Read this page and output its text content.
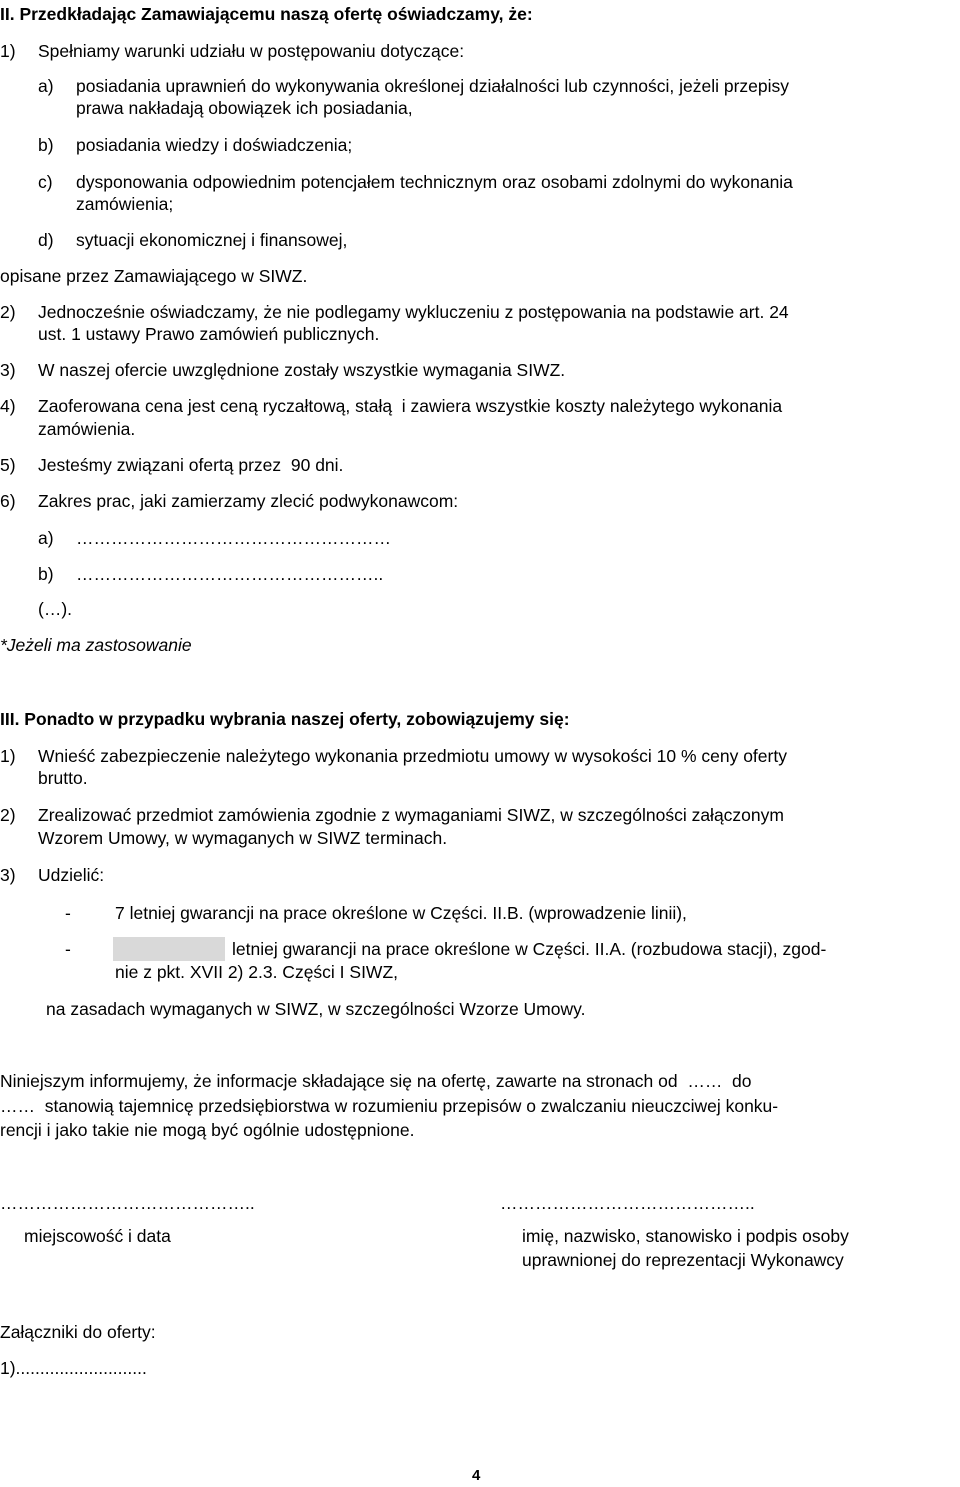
II. Przedkładając Zamawiającemu naszą ofertę oświadczamy, że:
1) Spełniamy warunki udziału w postępowaniu dotyczące:
a) posiadania uprawnień do wykonywania określonej działalności lub czynności, jeżeli przepisy
prawa nakładają obowiązek ich posiadania,
b) posiadania wiedzy i doświadczenia;
c) dysponowania odpowiednim potencjałem technicznym oraz osobami zdolnymi do wykonania
zamówienia;
d) sytuacji ekonomicznej i finansowej,
opisane przez Zamawiającego w SIWZ.
2) Jednocześnie oświadczamy, że nie podlegamy wykluczeniu z postępowania na podstawie art. 24
ust. 1 ustawy Prawo zamówień publicznych.
3) W naszej ofercie uwzględnione zostały wszystkie wymagania SIWZ.
4) Zaoferowana cena jest ceną ryczałtową, stałą  i zawiera wszystkie koszty należytego wykonania
zamówienia.
5) Jesteśmy związani ofertą przez  90 dni.
6) Zakres prac, jaki zamierzamy zlecić podwykonawcom:
a) ………………………………………………
b) ……………………………………………..
(…).
*Jeżeli ma zastosowanie
III. Ponadto w przypadku wybrania naszej oferty, zobowiązujemy się:
1) Wnieść zabezpieczenie należytego wykonania przedmiotu umowy w wysokości 10 % ceny oferty
brutto.
2) Zrealizować przedmiot zamówienia zgodnie z wymaganiami SIWZ, w szczególności załączonym
Wzorem Umowy, w wymaganych w SIWZ terminach.
3) Udzielić:
-	7 letniej gwarancji na prace określone w Części. II.B. (wprowadzenie linii),
-	letniej gwarancji na prace określone w Części. II.A. (rozbudowa stacji), zgod-
nie z pkt. XVII 2) 2.3. Części I SIWZ,
na zasadach wymaganych w SIWZ, w szczególności Wzorze Umowy.
Niniejszym informujemy, że informacje składające się na ofertę, zawarte na stronach od  ……  do
……  stanowią tajemnicę przedsiębiorstwa w rozumieniu przepisów o zwalczaniu nieuczciwej konku-
rencji i jako takie nie mogą być ogólnie udostępnione.
……………………………………..	……………………………………..
miejscowość i data	imię, nazwisko, stanowisko i podpis osoby
uprawnionej do reprezentacji Wykonawcy
Załączniki do oferty:
1)...........................
4
